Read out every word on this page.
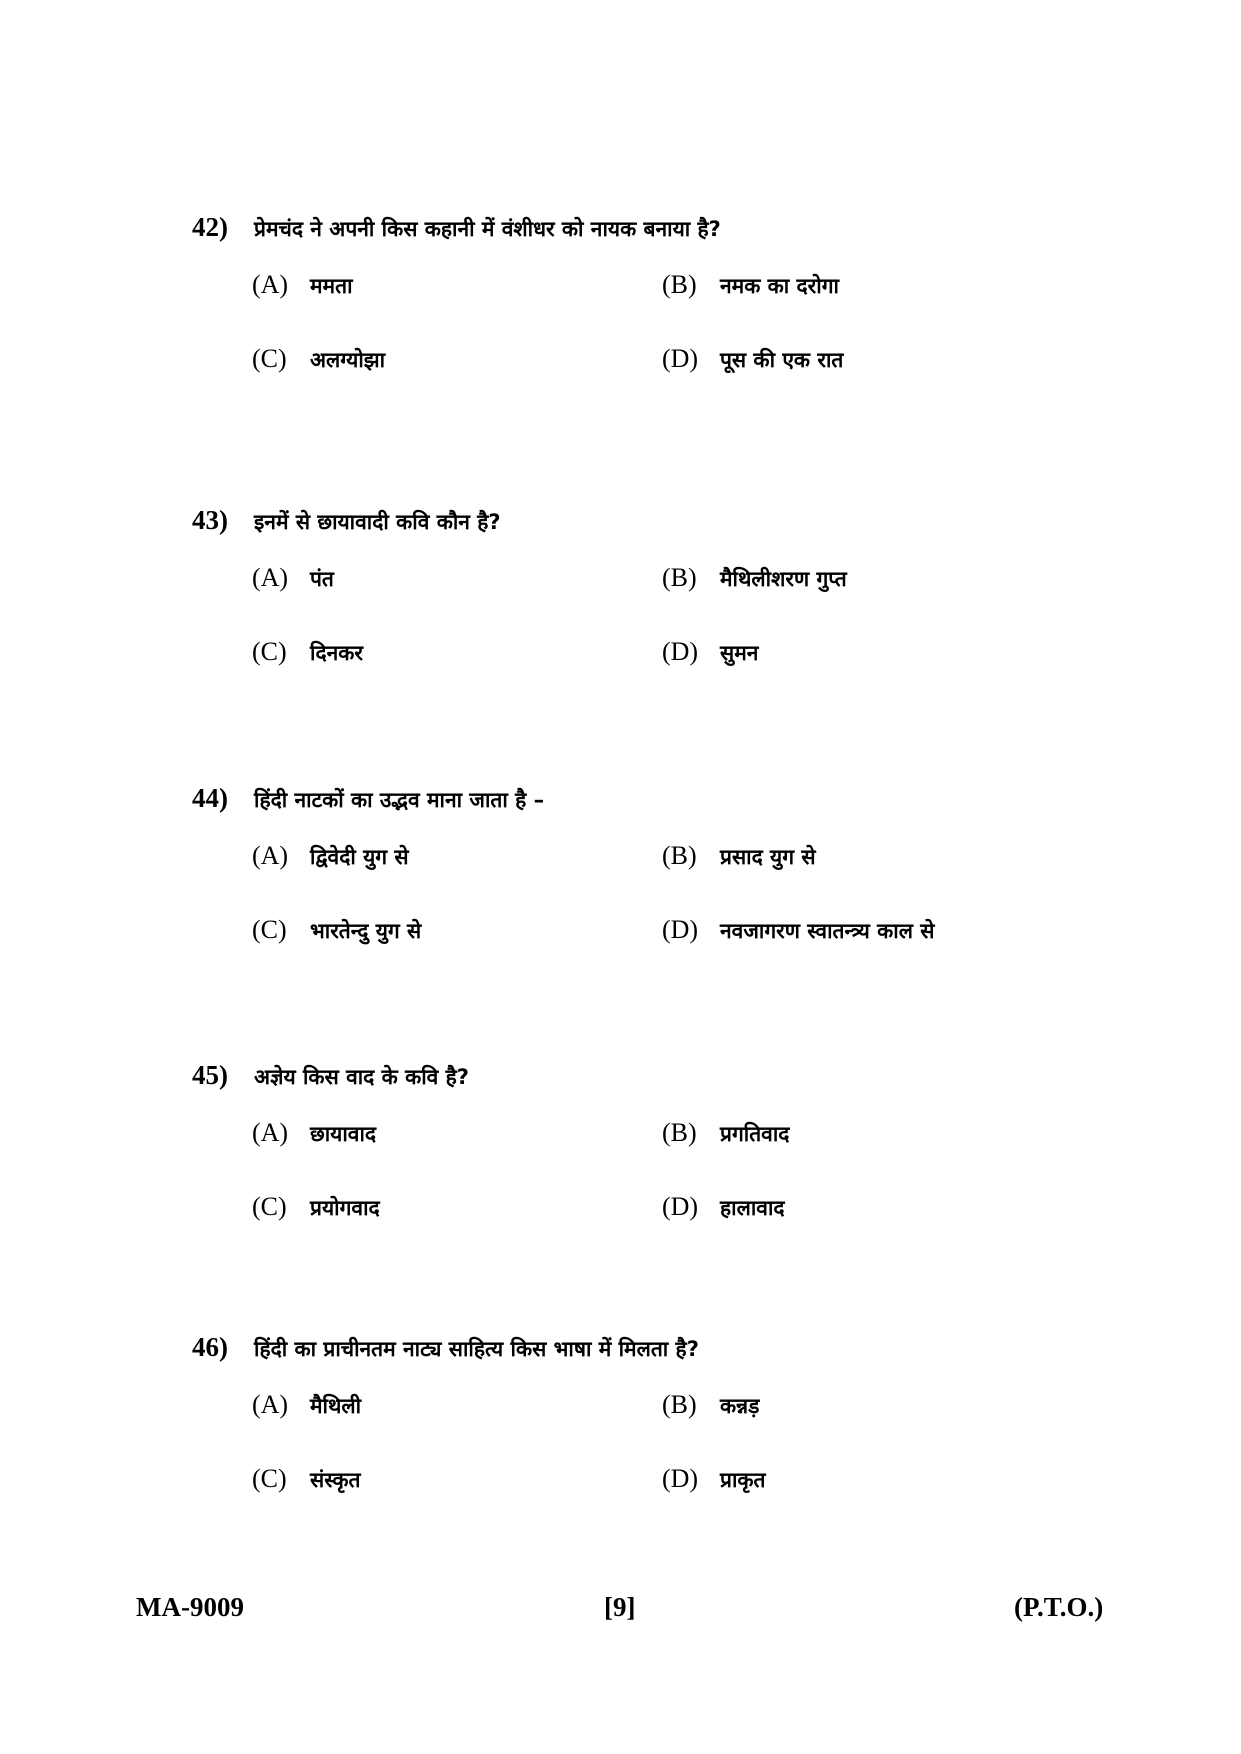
42)	प्रेमचंद ने अपनी किस कहानी में वंशीधर को नायक बनाया है?
(A)	ममता	(B)	नमक का दरोगा
(C)	अलग्योझा	(D)	पूस की एक रात
43)	इनमें से छायावादी कवि कौन है?
(A)	पंत	(B)	मैथिलीशरण गुप्त
(C)	दिनकर	(D)	सुमन
44)	हिंदी नाटकों का उद्भव माना जाता है –
(A)	द्विवेदी युग से	(B)	प्रसाद युग से
(C)	भारतेन्दु युग से	(D)	नवजागरण स्वातन्त्र्य काल से
45)	अज्ञेय किस वाद के कवि है?
(A)	छायावाद	(B)	प्रगतिवाद
(C)	प्रयोगवाद	(D)	हालावाद
46)	हिंदी का प्राचीनतम नाट्य साहित्य किस भाषा में मिलता है?
(A)	मैथिली	(B)	कन्नड़
(C)	संस्कृत	(D)	प्राकृत
MA-9009	[9]	(P.T.O.)
